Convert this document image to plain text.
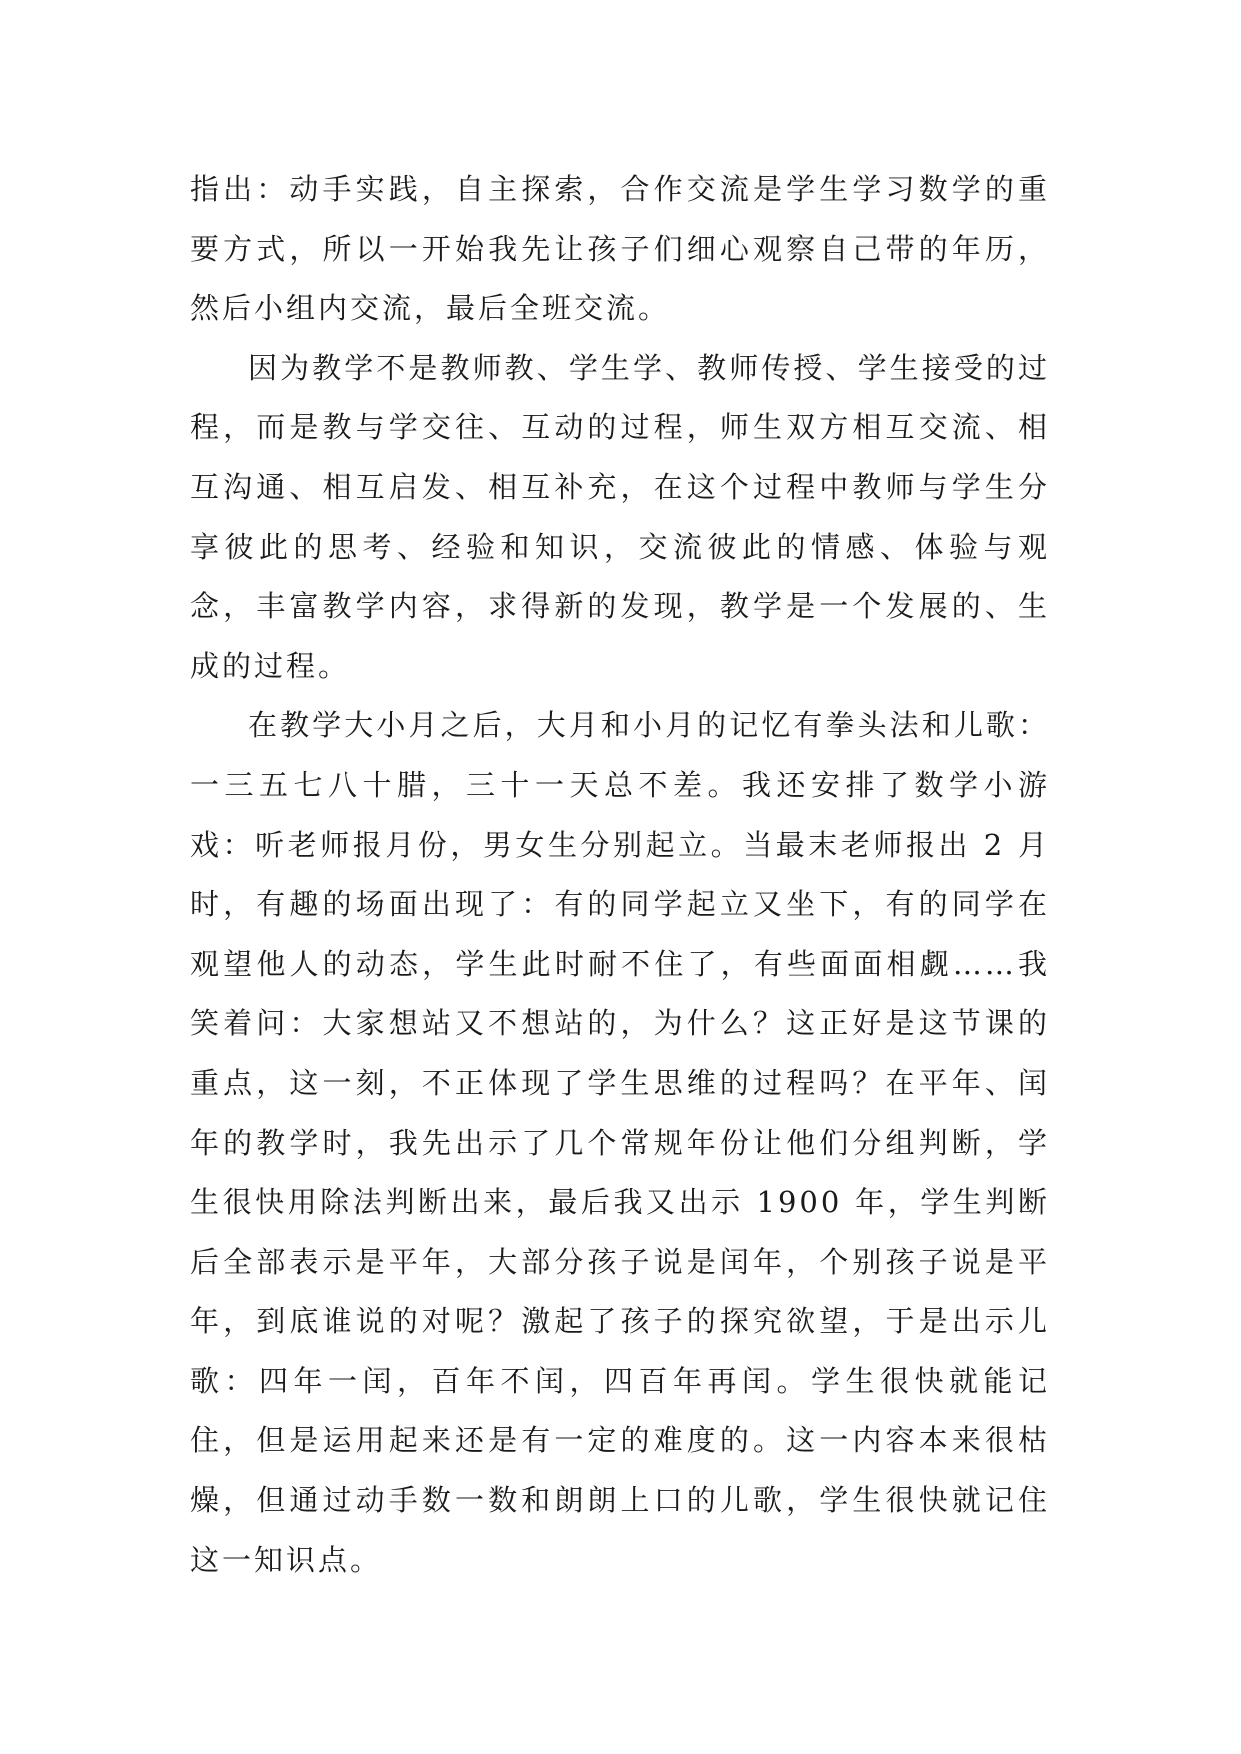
指出：动手实践，自主探索，合作交流是学生学习数学的重要方式，所以一开始我先让孩子们细心观察自己带的年历，然后小组内交流，最后全班交流。

因为教学不是教师教、学生学、教师传授、学生接受的过程，而是教与学交往、互动的过程，师生双方相互交流、相互沟通、相互启发、相互补充，在这个过程中教师与学生分享彼此的思考、经验和知识，交流彼此的情感、体验与观念，丰富教学内容，求得新的发现，教学是一个发展的、生成的过程。

在教学大小月之后，大月和小月的记忆有拳头法和儿歌：一三五七八十腊，三十一天总不差。我还安排了数学小游戏：听老师报月份，男女生分别起立。当最末老师报出 2 月时，有趣的场面出现了：有的同学起立又坐下，有的同学在观望他人的动态，学生此时耐不住了，有些面面相觑……我笑着问：大家想站又不想站的，为什么？这正好是这节课的重点，这一刻，不正体现了学生思维的过程吗？在平年、闰年的教学时，我先出示了几个常规年份让他们分组判断，学生很快用除法判断出来，最后我又出示 1900 年，学生判断后全部表示是平年，大部分孩子说是闰年，个别孩子说是平年，到底谁说的对呢？激起了孩子的探究欲望，于是出示儿歌：四年一闰，百年不闰，四百年再闰。学生很快就能记住，但是运用起来还是有一定的难度的。这一内容本来很枯燥，但通过动手数一数和朗朗上口的儿歌，学生很快就记住这一知识点。
